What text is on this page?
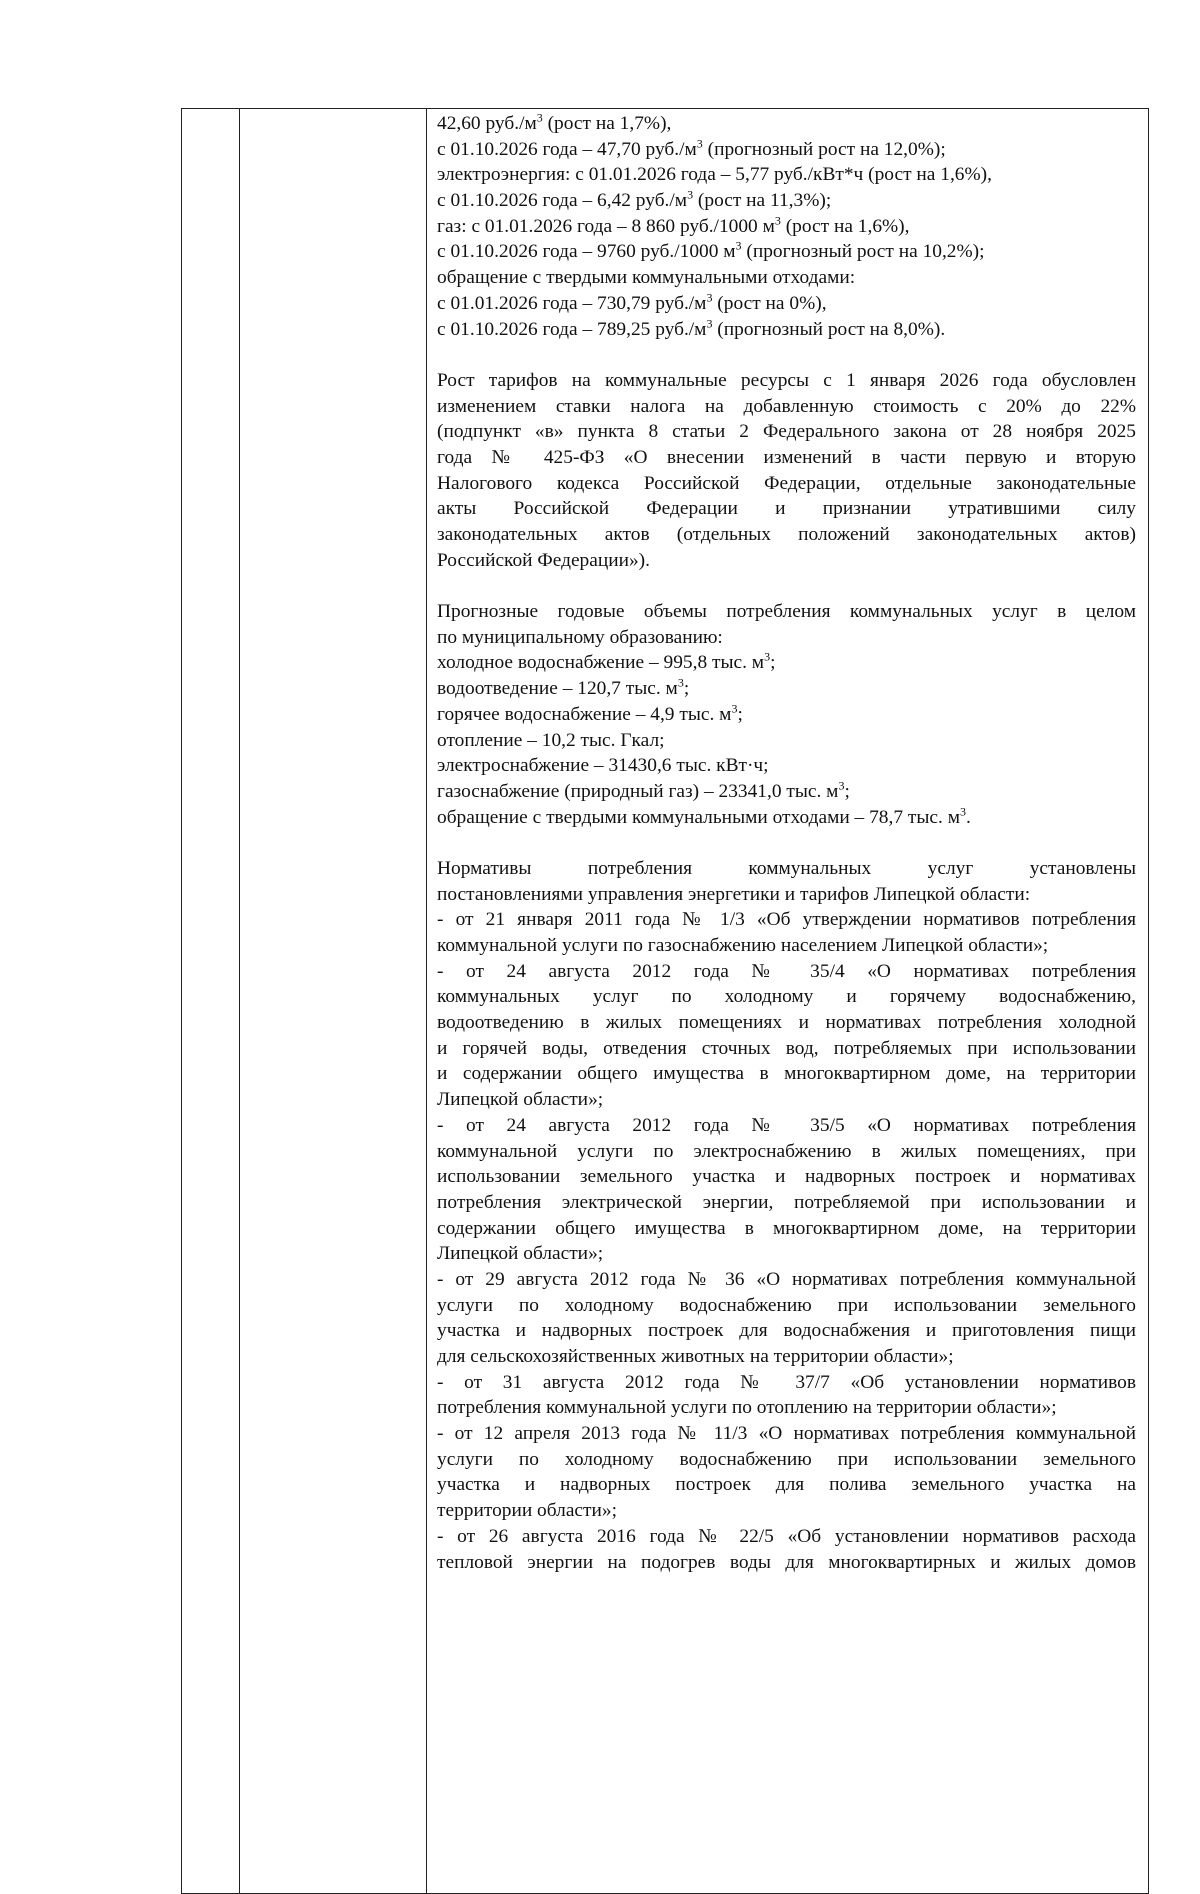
42,60 $руб./м^3$ (рост на 1,7%),
с 01.10.2026 года – 47,70 $руб./м^3$ (прогнозный рост на 12,0%);
электроэнергия: с 01.01.2026 года – 5,77 руб./кВт*ч (рост на 1,6%),
с 01.10.2026 года – 6,42 $руб./м^3$ (рост на 11,3%);
газ: с 01.01.2026 года – 8 860 руб./1000 $м^3$ (рост на 1,6%),
с 01.10.2026 года – 9760 руб./1000 $м^3$ (прогнозный рост на 10,2%);
обращение с твердыми коммунальными отходами:
с 01.01.2026 года – 730,79 $руб./м^3$ (рост на 0%),
с 01.10.2026 года – 789,25 $руб./м^3$ (прогнозный рост на 8,0%).
Рост тарифов на коммунальные ресурсы с 1 января 2026 года обусловлен
изменением ставки налога на добавленную стоимость с 20% до 22%
(подпункт «в» пункта 8 статьи 2 Федерального закона от 28 ноября 2025
года № 425-ФЗ «О внесении изменений в части первую и вторую
Налогового кодекса Российской Федерации, отдельные законодательные
акты Российской Федерации и признании утратившими силу
законодательных актов (отдельных положений законодательных актов)
Российской Федерации»).
Прогнозные годовые объемы потребления коммунальных услуг в целом
по муниципальному образованию:
холодное водоснабжение – 995,8 тыс. $м^3$;
водоотведение – 120,7 тыс. $м^3$;
горячее водоснабжение – 4,9 тыс. $м^3$;
отопление – 10,2 тыс. Гкал;
электроснабжение – 31430,6 тыс. кВт·ч;
газоснабжение (природный газ) – 23341,0 тыс. $м^3$;
обращение с твердыми коммунальными отходами – 78,7 тыс. $м^3$.
Нормативы потребления коммунальных услуг установлены
постановлениями управления энергетики и тарифов Липецкой области:
- от 21 января 2011 года № 1/3 «Об утверждении нормативов потребления
коммунальной услуги по газоснабжению населением Липецкой области»;
- от 24 августа 2012 года № 35/4 «О нормативах потребления
коммунальных услуг по холодному и горячему водоснабжению,
водоотведению в жилых помещениях и нормативах потребления холодной
и горячей воды, отведения сточных вод, потребляемых при использовании
и содержании общего имущества в многоквартирном доме, на территории
Липецкой области»;
- от 24 августа 2012 года № 35/5 «О нормативах потребления
коммунальной услуги по электроснабжению в жилых помещениях, при
использовании земельного участка и надворных построек и нормативах
потребления электрической энергии, потребляемой при использовании и
содержании общего имущества в многоквартирном доме, на территории
Липецкой области»;
- от 29 августа 2012 года № 36 «О нормативах потребления коммунальной
услуги по холодному водоснабжению при использовании земельного
участка и надворных построек для водоснабжения и приготовления пищи
для сельскохозяйственных животных на территории области»;
- от 31 августа 2012 года № 37/7 «Об установлении нормативов
потребления коммунальной услуги по отоплению на территории области»;
- от 12 апреля 2013 года № 11/3 «О нормативах потребления коммунальной
услуги по холодному водоснабжению при использовании земельного
участка и надворных построек для полива земельного участка на
территории области»;
- от 26 августа 2016 года № 22/5 «Об установлении нормативов расхода
тепловой энергии на подогрев воды для многоквартирных и жилых домов
